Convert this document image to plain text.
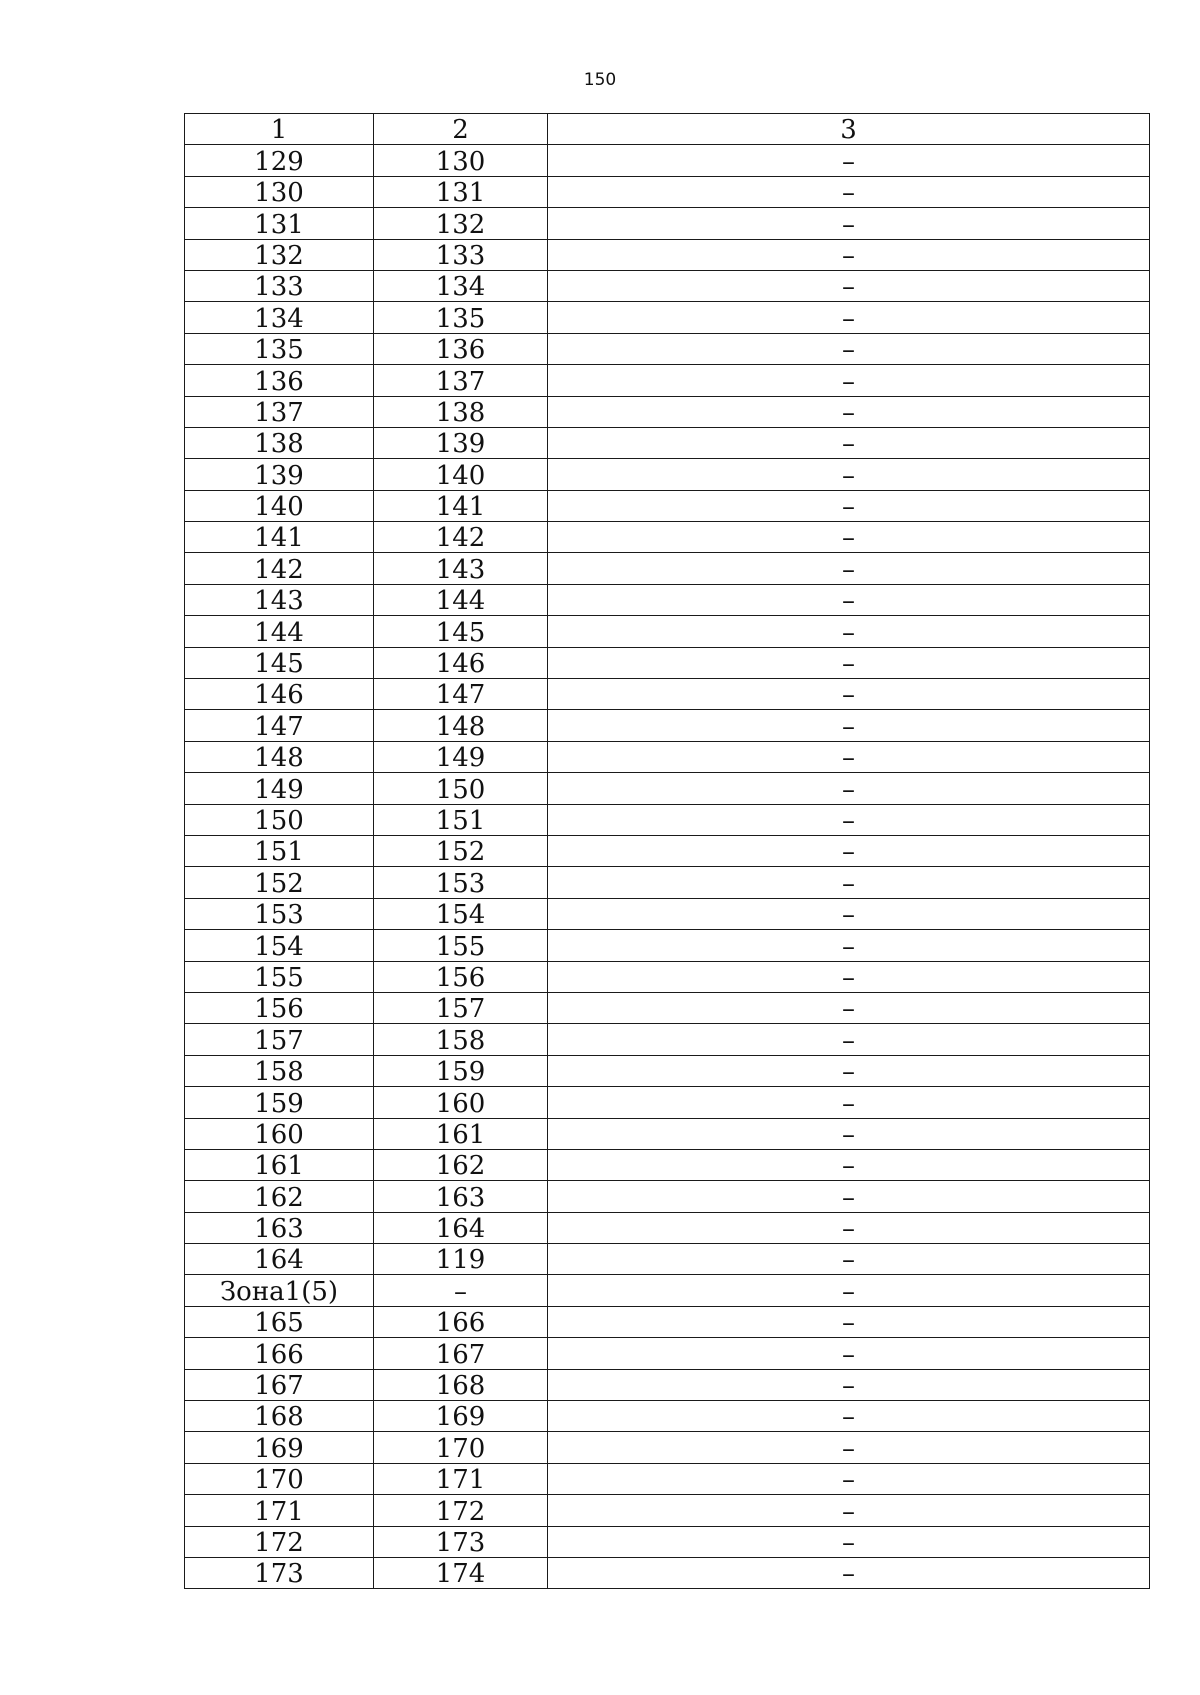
150
1	2	3
129	130	–
130	131	–
131	132	–
132	133	–
133	134	–
134	135	–
135	136	–
136	137	–
137	138	–
138	139	–
139	140	–
140	141	–
141	142	–
142	143	–
143	144	–
144	145	–
145	146	–
146	147	–
147	148	–
148	149	–
149	150	–
150	151	–
151	152	–
152	153	–
153	154	–
154	155	–
155	156	–
156	157	–
157	158	–
158	159	–
159	160	–
160	161	–
161	162	–
162	163	–
163	164	–
164	119	–
Зона1(5)	–	–
165	166	–
166	167	–
167	168	–
168	169	–
169	170	–
170	171	–
171	172	–
172	173	–
173	174	–
